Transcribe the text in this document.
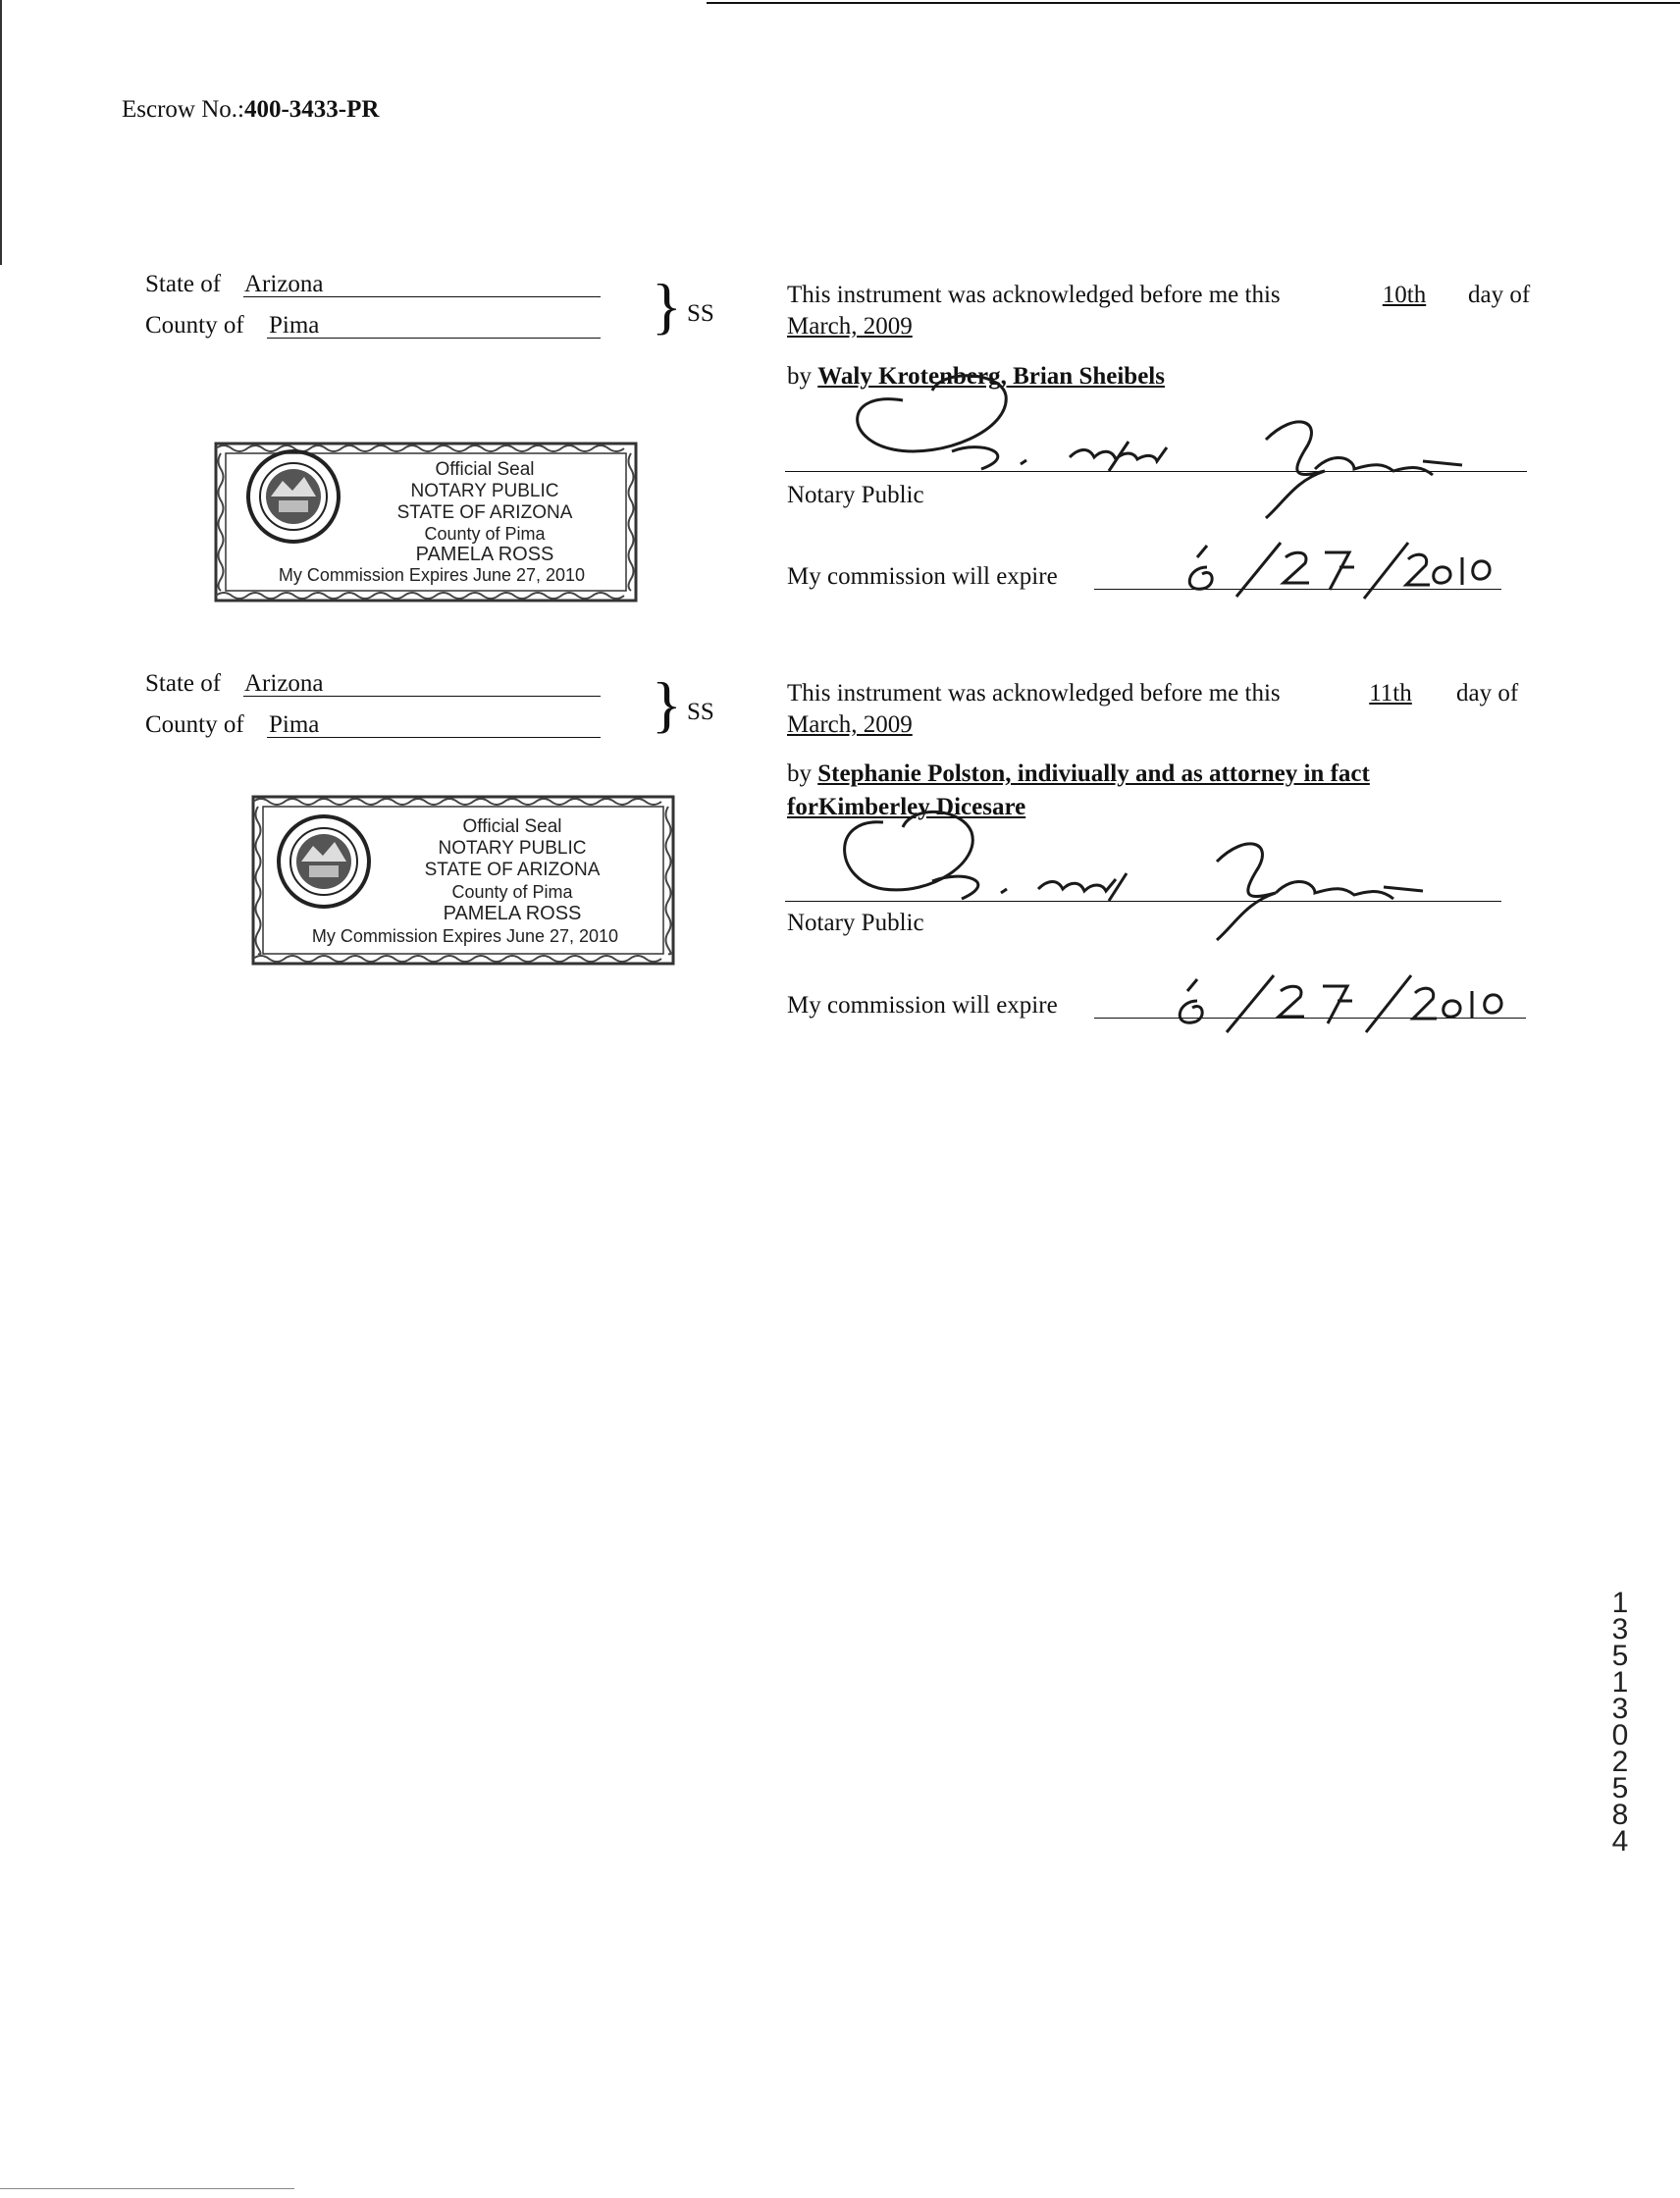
Escrow No.:400-3433-PR
State of Arizona
County of Pima	} SS
This instrument was acknowledged before me this	10th	day of
March, 2009
by Waly Krotenberg, Brian Sheibels
Notary Public
My commission will expire
Official Seal
NOTARY PUBLIC
STATE OF ARIZONA
County of Pima
PAMELA ROSS
My Commission Expires June 27, 2010
State of Arizona
County of Pima	} SS
This instrument was acknowledged before me this	11th	day of
March, 2009
by Stephanie Polston, indiviually and as attorney in fact
forKimberley Dicesare
Notary Public
My commission will expire
Official Seal
NOTARY PUBLIC
STATE OF ARIZONA
County of Pima
PAMELA ROSS
My Commission Expires June 27, 2010
1351302584
